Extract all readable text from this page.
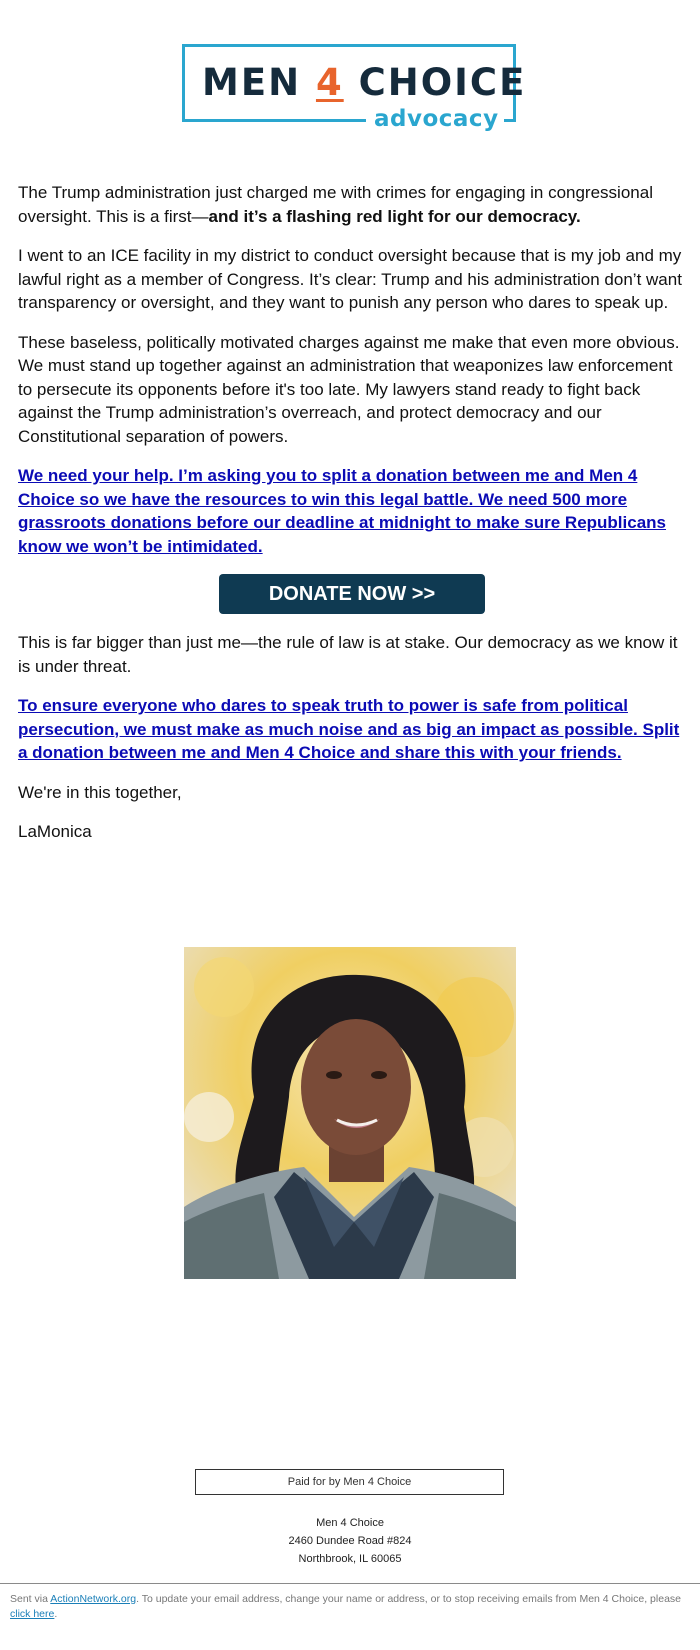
MEN 4 CHOICE
advocacy

The Trump administration just charged me with crimes for engaging in congressional oversight. This is a first—and it’s a flashing red light for our democracy.

I went to an ICE facility in my district to conduct oversight because that is my job and my lawful right as a member of Congress. It’s clear: Trump and his administration don’t want transparency or oversight, and they want to punish any person who dares to speak up.

These baseless, politically motivated charges against me make that even more obvious. We must stand up together against an administration that weaponizes law enforcement to persecute its opponents before it's too late. My lawyers stand ready to fight back against the Trump administration’s overreach, and protect democracy and our Constitutional separation of powers.

We need your help. I’m asking you to split a donation between me and Men 4 Choice so we have the resources to win this legal battle. We need 500 more grassroots donations before our deadline at midnight to make sure Republicans know we won’t be intimidated.
DONATE NOW >>

This is far bigger than just me—the rule of law is at stake. Our democracy as we know it is under threat.

To ensure everyone who dares to speak truth to power is safe from political persecution, we must make as much noise and as big an impact as possible. Split a donation between me and Men 4 Choice and share this with your friends.

We're in this together,

LaMonica

Paid for by Men 4 Choice
Men 4 Choice
2460 Dundee Road #824
Northbrook, IL 60065
Sent via ActionNetwork.org. To update your email address, change your name or address, or to stop receiving emails from Men 4 Choice, please click here.
